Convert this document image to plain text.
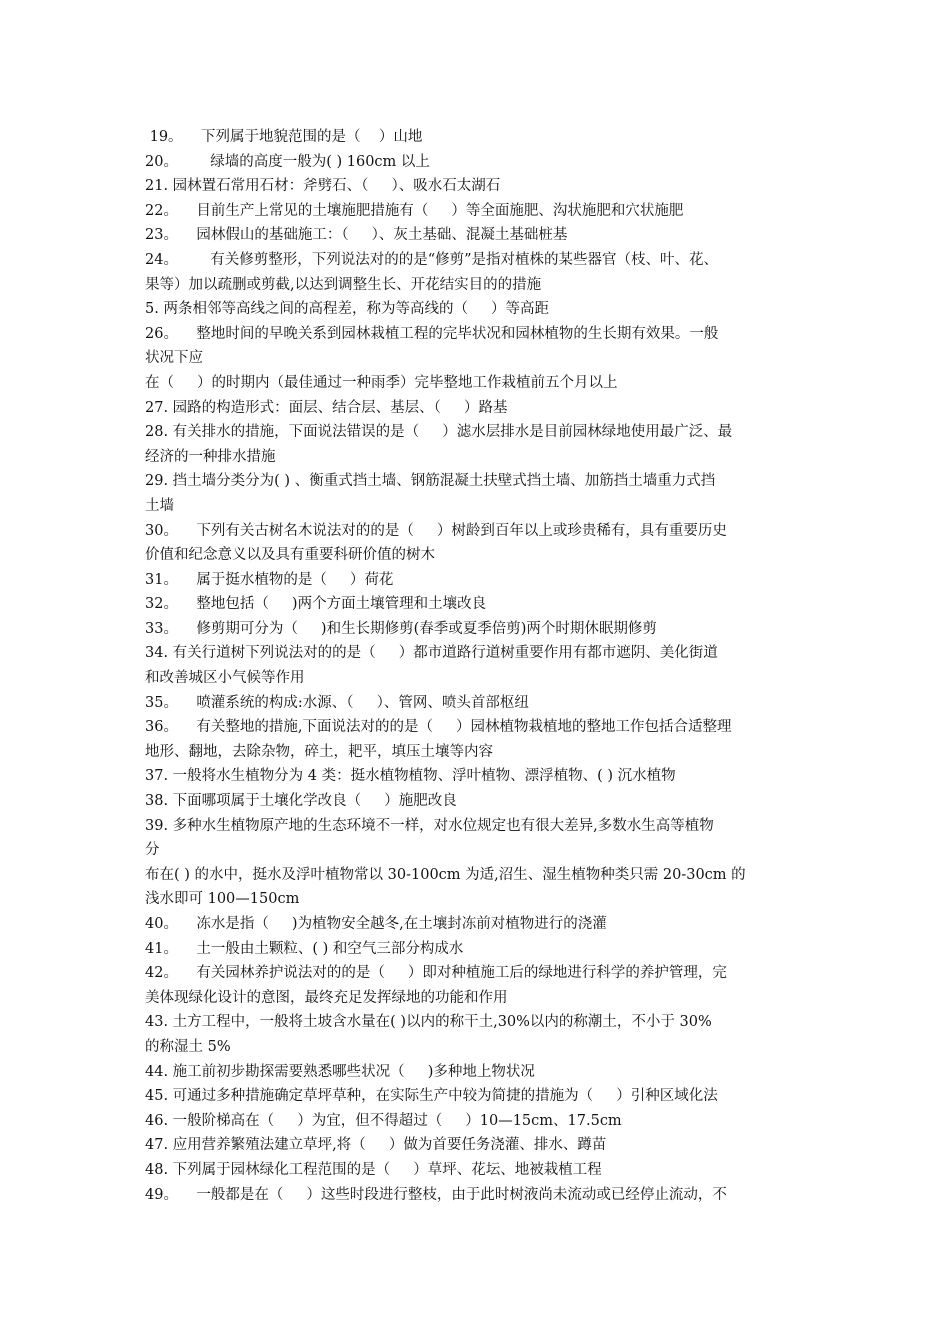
19。    下列属于地貌范围的是（    ）山地
20。       绿墙的高度一般为( ) 160cm 以上
21. 园林置石常用石材：斧劈石、（     ）、吸水石太湖石
22。    目前生产上常见的土壤施肥措施有（     ）等全面施肥、沟状施肥和穴状施肥
23。    园林假山的基础施工：（     ）、灰土基础、混凝土基础桩基
24。       有关修剪整形，下列说法对的的是“修剪”是指对植株的某些器官（枝、叶、花、
果等）加以疏删或剪截,以达到调整生长、开花结实目的的措施
5. 两条相邻等高线之间的高程差，称为等高线的（     ）等高距
26。    整地时间的早晚关系到园林栽植工程的完毕状况和园林植物的生长期有效果。一般
状况下应
在（     ）的时期内（最佳通过一种雨季）完毕整地工作栽植前五个月以上
27. 园路的构造形式：面层、结合层、基层、（     ）路基
28. 有关排水的措施，下面说法错误的是（     ）滤水层排水是目前园林绿地使用最广泛、最
经济的一种排水措施
29. 挡土墙分类分为( ) 、衡重式挡土墙、钢筋混凝土扶壁式挡土墙、加筋挡土墙重力式挡
土墙
30。    下列有关古树名木说法对的的是（     ）树龄到百年以上或珍贵稀有，具有重要历史
价值和纪念意义以及具有重要科研价值的树木
31。    属于挺水植物的是（     ）荷花
32。    整地包括（     )两个方面土壤管理和土壤改良
33。    修剪期可分为（     )和生长期修剪(春季或夏季倍剪)两个时期休眠期修剪
34. 有关行道树下列说法对的的是（     ）都市道路行道树重要作用有都市遮阴、美化街道
和改善城区小气候等作用
35。    喷灌系统的构成:水源、（     ）、管网、喷头首部枢纽
36。    有关整地的措施,下面说法对的的是（     ）园林植物栽植地的整地工作包括合适整理
地形、翻地，去除杂物，碎土，耙平，填压土壤等内容
37. 一般将水生植物分为 4 类：挺水植物植物、浮叶植物、漂浮植物、( ) 沉水植物
38. 下面哪项属于土壤化学改良（     ）施肥改良
39. 多种水生植物原产地的生态环境不一样，对水位规定也有很大差异,多数水生高等植物
分
布在( ) 的水中，挺水及浮叶植物常以 30-100cm 为适,沼生、湿生植物种类只需 20-30cm 的
浅水即可 100—150cm
40。    冻水是指（     )为植物安全越冬,在土壤封冻前对植物进行的浇灌
41。    土一般由土颗粒、( ) 和空气三部分构成水
42。    有关园林养护说法对的的是（     ）即对种植施工后的绿地进行科学的养护管理，完
美体现绿化设计的意图，最终充足发挥绿地的功能和作用
43. 土方工程中，一般将土坡含水量在( )以内的称干土,30%以内的称潮土，不小于 30%
的称湿土 5%
44. 施工前初步勘探需要熟悉哪些状况（     )多种地上物状况
45. 可通过多种措施确定草坪草种，在实际生产中较为简捷的措施为（     ）引种区域化法
46. 一般阶梯高在（     ）为宜，但不得超过（     ）10—15cm、17.5cm
47. 应用营养繁殖法建立草坪,将（     ）做为首要任务浇灌、排水、蹲苗
48. 下列属于园林绿化工程范围的是（     ）草坪、花坛、地被栽植工程
49。    一般都是在（     ）这些时段进行整枝，由于此时树液尚未流动或已经停止流动，不
